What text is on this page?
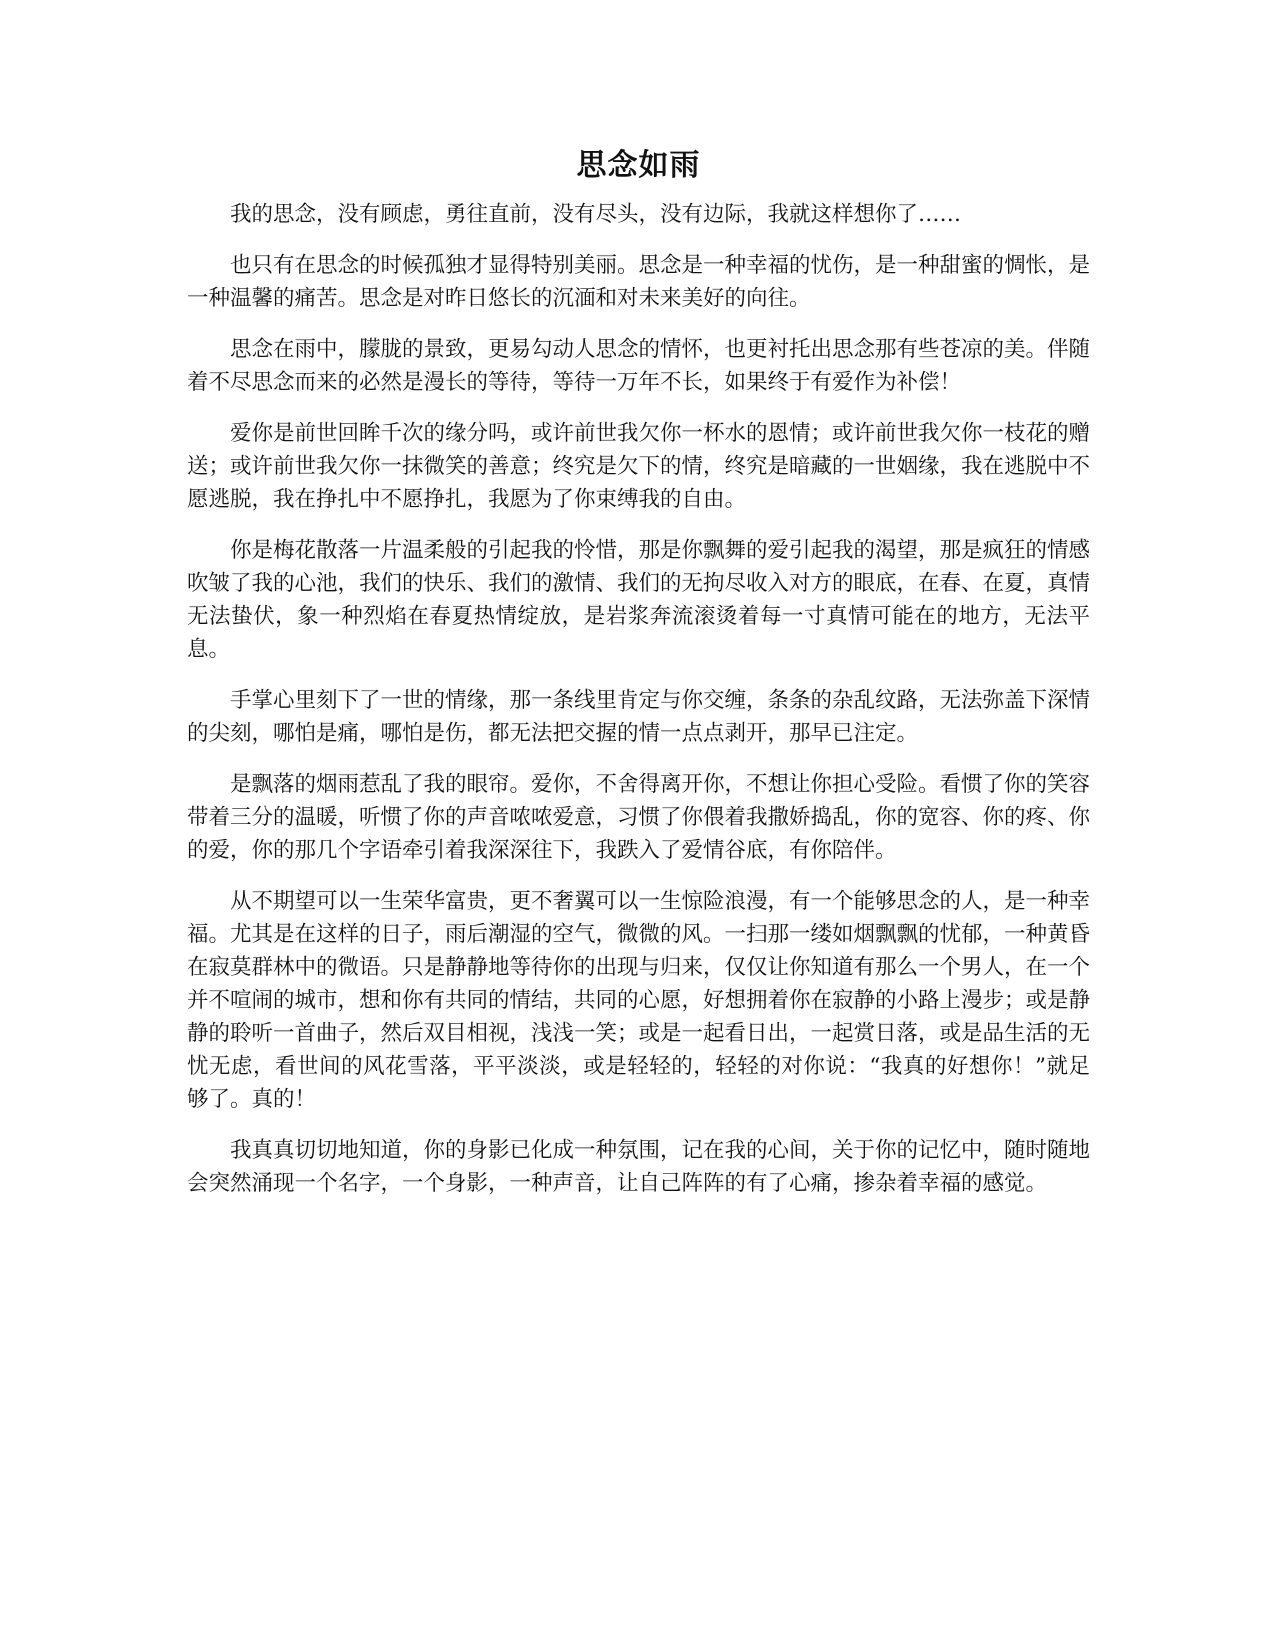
思念如雨

我的思念，没有顾虑，勇往直前，没有尽头，没有边际，我就这样想你了……

也只有在思念的时候孤独才显得特别美丽。思念是一种幸福的忧伤，是一种甜蜜的惆怅，是一种温馨的痛苦。思念是对昨日悠长的沉湎和对未来美好的向往。

思念在雨中，朦胧的景致，更易勾动人思念的情怀，也更衬托出思念那有些苍凉的美。伴随着不尽思念而来的必然是漫长的等待，等待一万年不长，如果终于有爱作为补偿！

爱你是前世回眸千次的缘分吗，或许前世我欠你一杯水的恩情；或许前世我欠你一枝花的赠送；或许前世我欠你一抹微笑的善意；终究是欠下的情，终究是暗藏的一世姻缘，我在逃脱中不愿逃脱，我在挣扎中不愿挣扎，我愿为了你束缚我的自由。

你是梅花散落一片温柔般的引起我的怜惜，那是你飘舞的爱引起我的渴望，那是疯狂的情感吹皱了我的心池，我们的快乐、我们的激情、我们的无拘尽收入对方的眼底，在春、在夏，真情无法蛰伏，象一种烈焰在春夏热情绽放，是岩浆奔流滚烫着每一寸真情可能在的地方，无法平息。

手掌心里刻下了一世的情缘，那一条线里肯定与你交缠，条条的杂乱纹路，无法弥盖下深情的尖刻，哪怕是痛，哪怕是伤，都无法把交握的情一点点剥开，那早已注定。

是飘落的烟雨惹乱了我的眼帘。爱你，不舍得离开你，不想让你担心受险。看惯了你的笑容带着三分的温暖，听惯了你的声音哝哝爱意，习惯了你偎着我撒娇捣乱，你的宽容、你的疼、你的爱，你的那几个字语牵引着我深深往下，我跌入了爱情谷底，有你陪伴。

从不期望可以一生荣华富贵，更不奢翼可以一生惊险浪漫，有一个能够思念的人，是一种幸福。尤其是在这样的日子，雨后潮湿的空气，微微的风。一扫那一缕如烟飘飘的忧郁，一种黄昏在寂莫群林中的微语。只是静静地等待你的出现与归来，仅仅让你知道有那么一个男人，在一个并不喧闹的城市，想和你有共同的情结，共同的心愿，好想拥着你在寂静的小路上漫步；或是静静的聆听一首曲子，然后双目相视，浅浅一笑；或是一起看日出，一起赏日落，或是品生活的无忧无虑，看世间的风花雪落，平平淡淡，或是轻轻的，轻轻的对你说：“我真的好想你！”就足够了。真的！

我真真切切地知道，你的身影已化成一种氛围，记在我的心间，关于你的记忆中，随时随地会突然涌现一个名字，一个身影，一种声音，让自己阵阵的有了心痛，掺杂着幸福的感觉。
